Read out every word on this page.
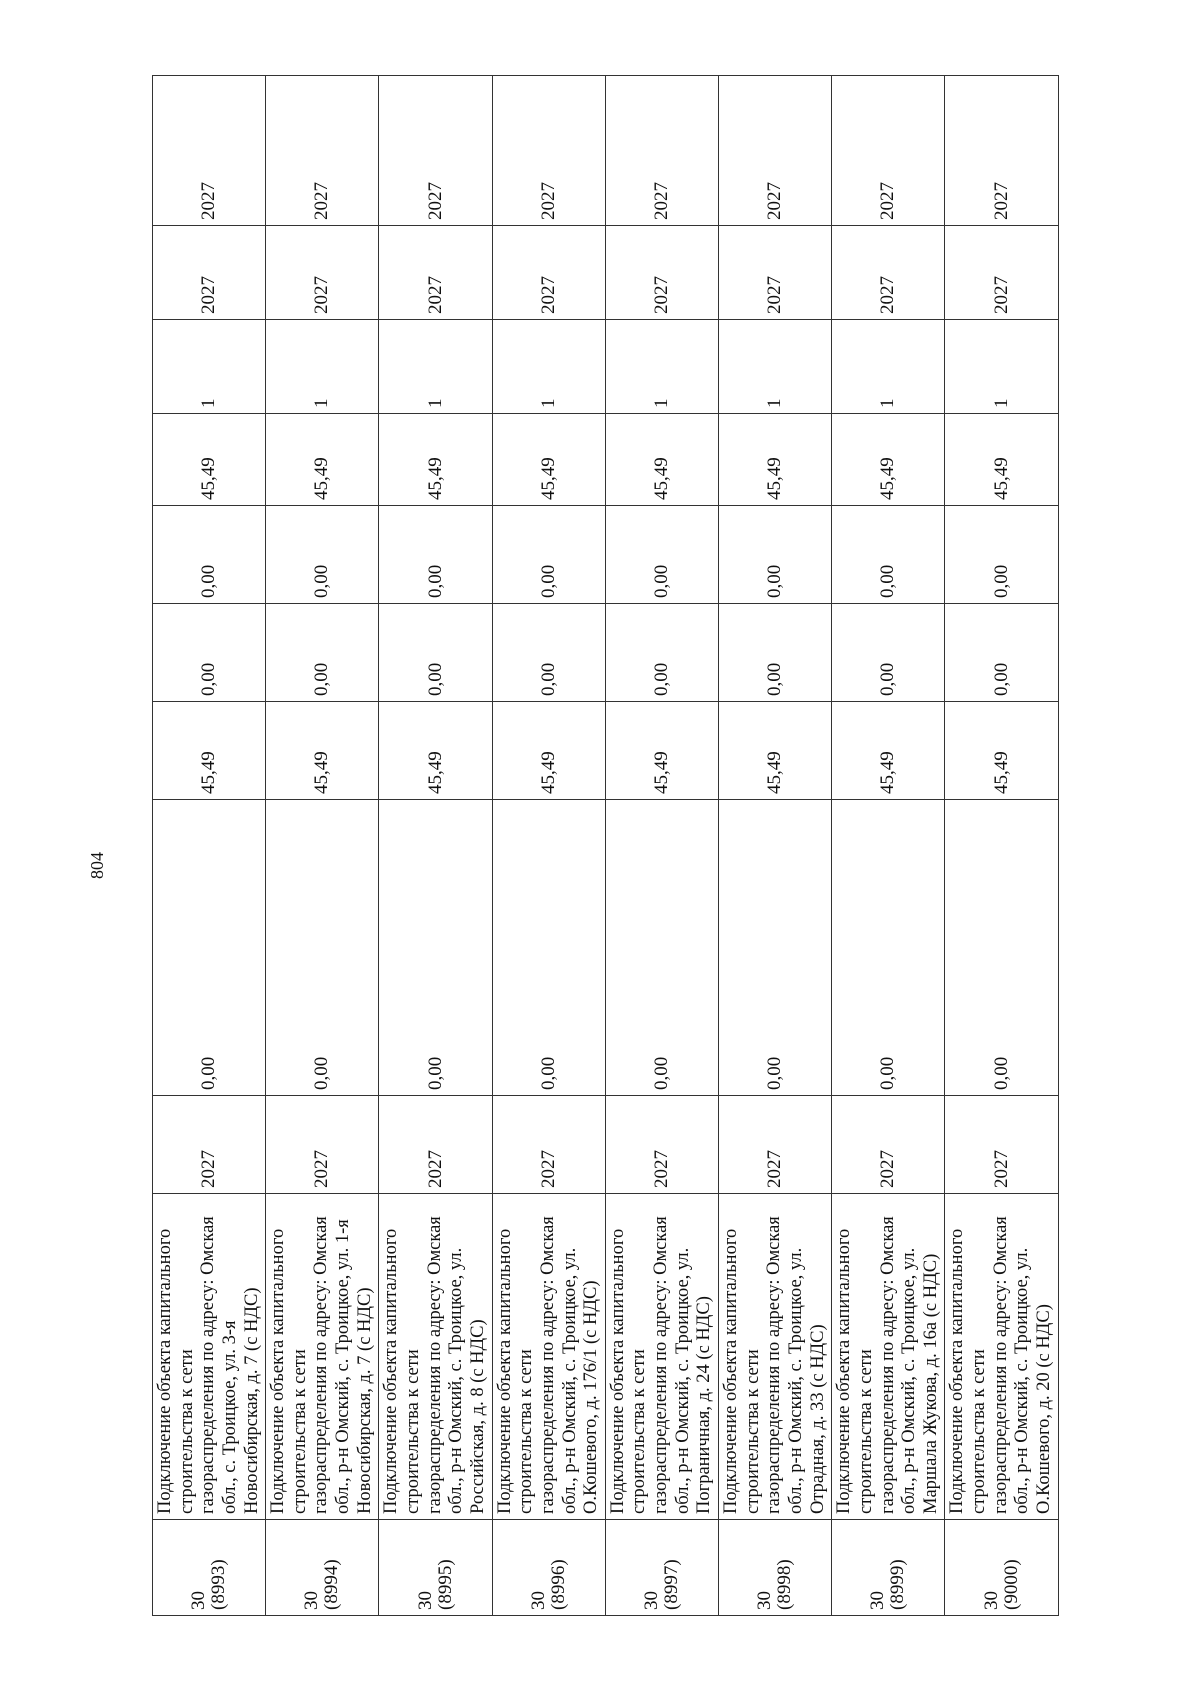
804
30
(8993)	Подключение объекта капитального строительства к сети газораспределения по адресу: Омская обл., с. Троицкое, ул. 3-я Новосибирская, д. 7 (с НДС)	2027	0,00	45,49	0,00	0,00	45,49	1	2027	2027

30
(8994)	Подключение объекта капитального строительства к сети газораспределения по адресу: Омская обл., р-н Омский, с. Троицкое, ул. 1-я Новосибирская, д. 7 (с НДС)	2027	0,00	45,49	0,00	0,00	45,49	1	2027	2027

30
(8995)	Подключение объекта капитального строительства к сети газораспределения по адресу: Омская обл., р-н Омский, с. Троицкое, ул. Российская, д. 8 (с НДС)	2027	0,00	45,49	0,00	0,00	45,49	1	2027	2027

30
(8996)	Подключение объекта капитального строительства к сети газораспределения по адресу: Омская обл., р-н Омский, с. Троицкое, ул. О.Кошевого, д. 176/1 (с НДС)	2027	0,00	45,49	0,00	0,00	45,49	1	2027	2027

30
(8997)	Подключение объекта капитального строительства к сети газораспределения по адресу: Омская обл., р-н Омский, с. Троицкое, ул. Пограничная, д. 24 (с НДС)	2027	0,00	45,49	0,00	0,00	45,49	1	2027	2027

30
(8998)	Подключение объекта капитального строительства к сети газораспределения по адресу: Омская обл., р-н Омский, с. Троицкое, ул. Отрадная, д. 33 (с НДС)	2027	0,00	45,49	0,00	0,00	45,49	1	2027	2027

30
(8999)	Подключение объекта капитального строительства к сети газораспределения по адресу: Омская обл., р-н Омский, с. Троицкое, ул. Маршала Жукова, д. 16а (с НДС)	2027	0,00	45,49	0,00	0,00	45,49	1	2027	2027

30
(9000)	Подключение объекта капитального строительства к сети газораспределения по адресу: Омская обл., р-н Омский, с. Троицкое, ул. О.Кошевого, д. 20 (с НДС)	2027	0,00	45,49	0,00	0,00	45,49	1	2027	2027
